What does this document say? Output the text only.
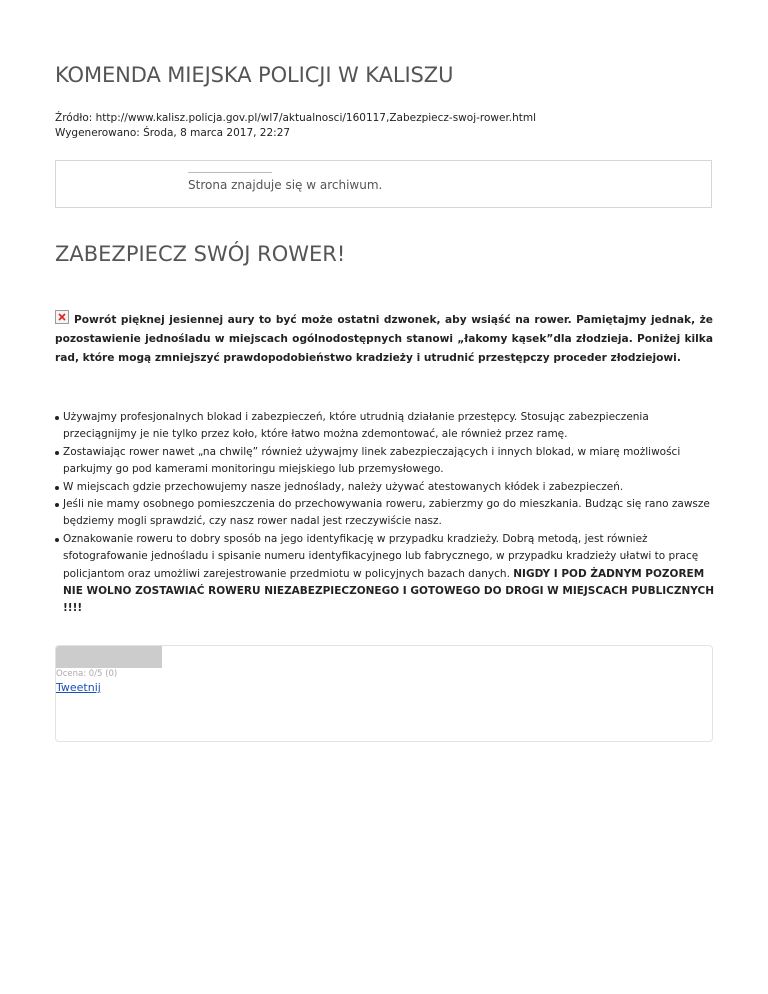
KOMENDA MIEJSKA POLICJI W KALISZU
Źródło: http://www.kalisz.policja.gov.pl/wl7/aktualnosci/160117,Zabezpiecz-swoj-rower.html
Wygenerowano: Środa, 8 marca 2017, 22:27
Strona znajduje się w archiwum.
ZABEZPIECZ SWÓJ ROWER!
Powrót pięknej jesiennej aury to być może ostatni dzwonek, aby wsiąść na rower. Pamiętajmy jednak, że pozostawienie jednośladu w miejscach ogólnodostępnych stanowi „łakomy kąsek”dla złodzieja. Poniżej kilka rad, które mogą zmniejszyć prawdopodobieństwo kradzieży i utrudnić przestępczy proceder złodziejowi.
Używajmy profesjonalnych blokad i zabezpieczeń, które utrudnią działanie przestępcy. Stosując zabezpieczenia przeciągnijmy je nie tylko przez koło, które łatwo można zdemontować, ale również przez ramę.
Zostawiając rower nawet „na chwilę” również używajmy linek zabezpieczających i innych blokad, w miarę możliwości parkujmy go pod kamerami monitoringu miejskiego lub przemysłowego.
W miejscach gdzie przechowujemy nasze jednoślady, należy używać atestowanych kłódek i zabezpieczeń.
Jeśli nie mamy osobnego pomieszczenia do przechowywania roweru, zabierzmy go do mieszkania. Budząc się rano zawsze będziemy mogli sprawdzić, czy nasz rower nadal jest rzeczywiście nasz.
Oznakowanie roweru to dobry sposób na jego identyfikację w przypadku kradzieży. Dobrą metodą, jest również sfotografowanie jednośladu i spisanie numeru identyfikacyjnego lub fabrycznego, w przypadku kradzieży ułatwi to pracę policjantom oraz umożliwi zarejestrowanie przedmiotu w policyjnych bazach danych. NIGDY I POD ŻADNYM POZOREM NIE WOLNO ZOSTAWIAĆ ROWERU NIEZABEZPIECZONEGO I GOTOWEGO DO DROGI W MIEJSCACH PUBLICZNYCH !!!!
Ocena: 0/5 (0)
Tweetnij
